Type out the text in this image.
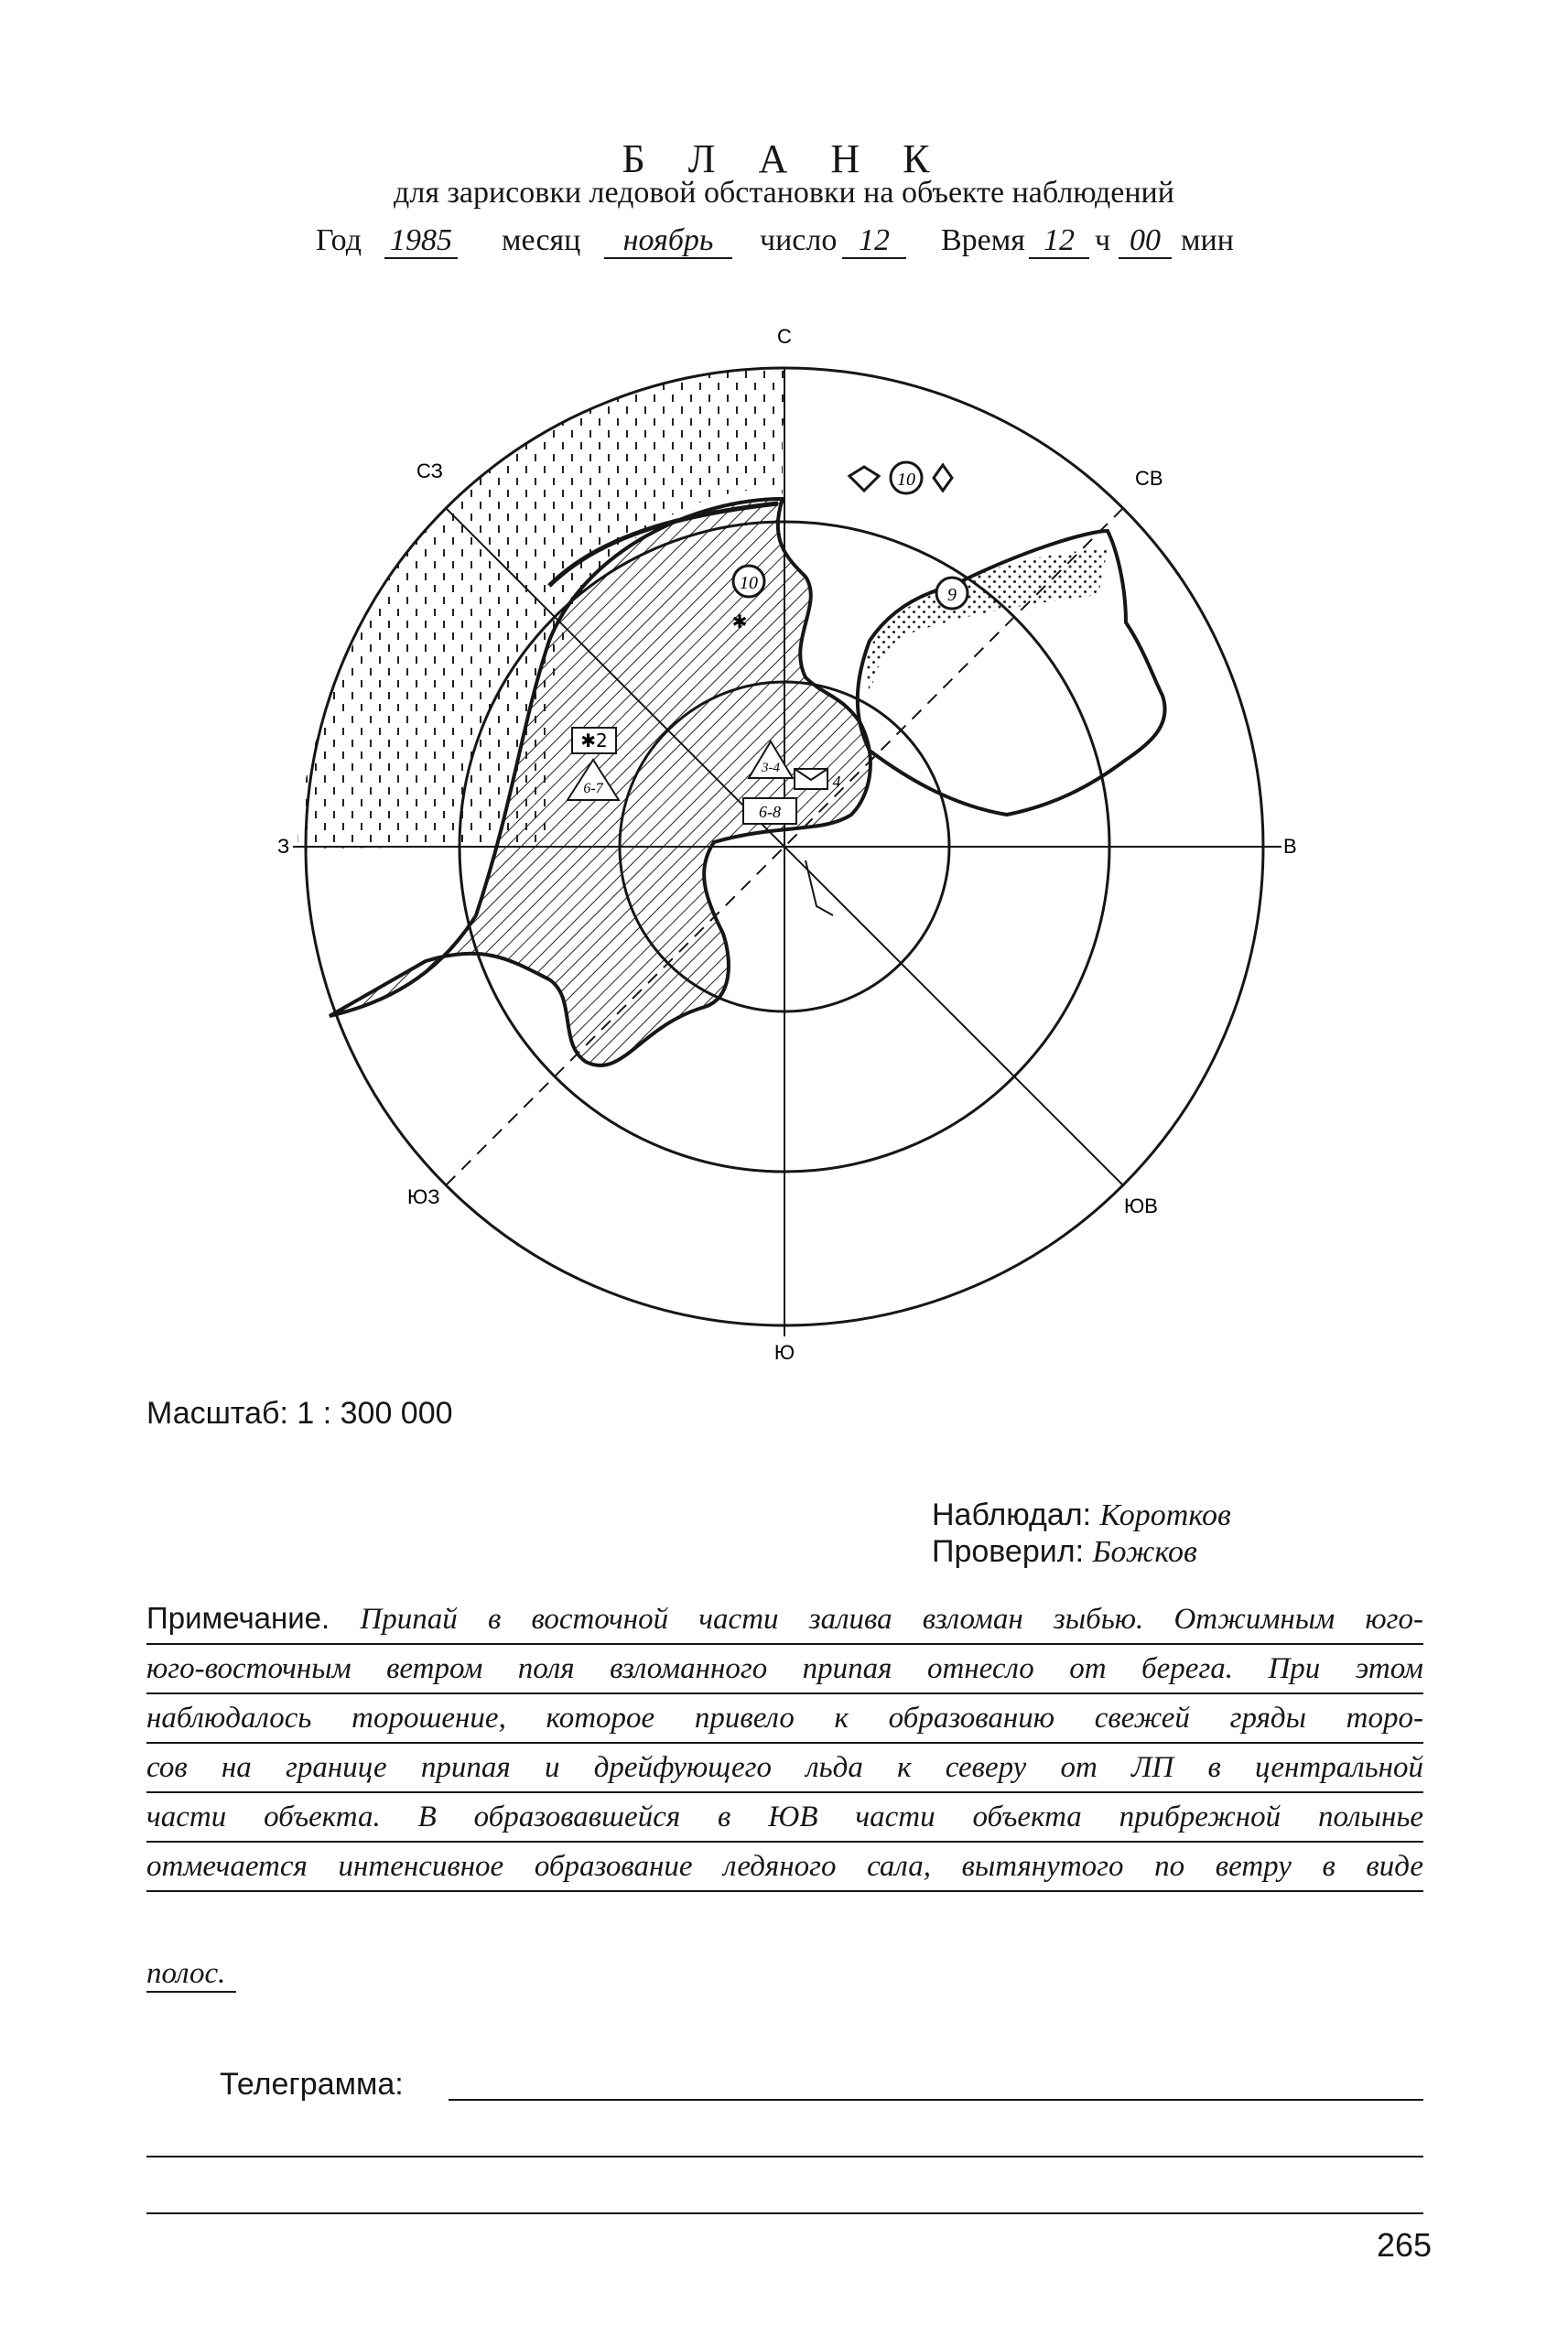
Б Л А Н К
для зарисовки ледовой обстановки на объекте наблюдений
Год 1985 месяц	ноябрь	число 12	Время 12 ч 00 мин
10
10
9
✱2
6-7
3-4
6-8
4
✱
С
СВ
В
ЮВ
Ю
ЮЗ
З
СЗ
Масштаб: 1 : 300 000
Наблюдал: Коротков
Проверил: Божков
Примечание. Припай в восточной части залива взломан зыбью. Отжимным юго-
юго-восточным ветром поля взломанного припая отнесло от берега. При этом
наблюдалось торошение, которое привело к образованию свежей гряды торо-
сов на границе припая и дрейфующего льда к северу от ЛП в центральной
части объекта. В образовавшейся в ЮВ части объекта прибрежной полынье
отмечается интенсивное образование ледяного сала, вытянутого по ветру в виде
полос.
Телеграмма:
265
